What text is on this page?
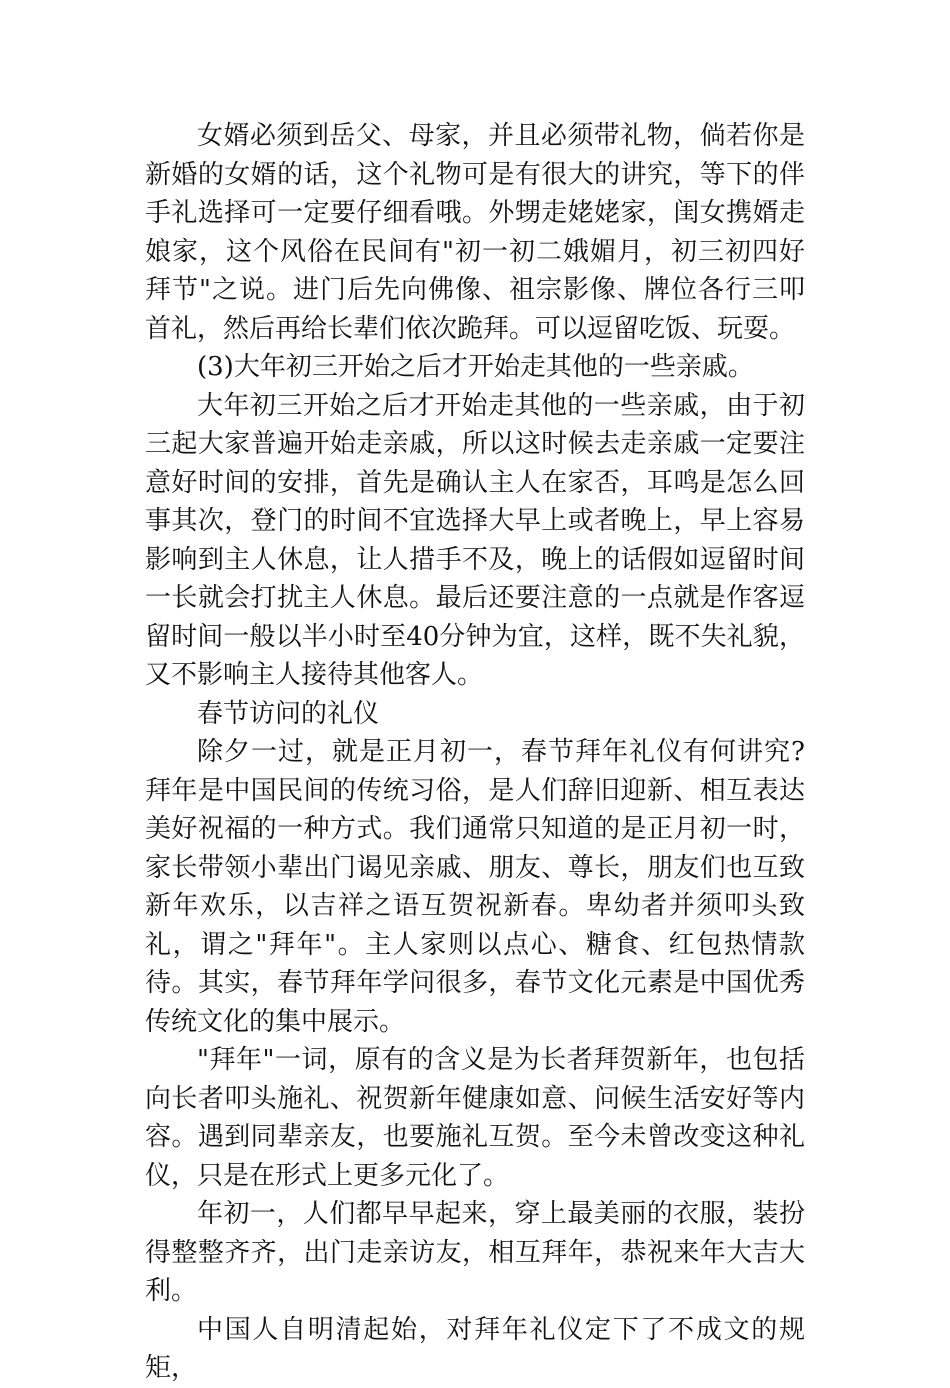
女婿必须到岳父、母家，并且必须带礼物，倘若你是新婚的女婿的话，这个礼物可是有很大的讲究，等下的伴手礼选择可一定要仔细看哦。外甥走姥姥家，闺女携婿走娘家，这个风俗在民间有"初一初二娥媚月，初三初四好拜节"之说。进门后先向佛像、祖宗影像、牌位各行三叩首礼，然后再给长辈们依次跪拜。可以逗留吃饭、玩耍。

(3)大年初三开始之后才开始走其他的一些亲戚。

大年初三开始之后才开始走其他的一些亲戚，由于初三起大家普遍开始走亲戚，所以这时候去走亲戚一定要注意好时间的安排，首先是确认主人在家否，耳鸣是怎么回事其次，登门的时间不宜选择大早上或者晚上，早上容易影响到主人休息，让人措手不及，晚上的话假如逗留时间一长就会打扰主人休息。最后还要注意的一点就是作客逗留时间一般以半小时至40分钟为宜，这样，既不失礼貌，又不影响主人接待其他客人。

春节访问的礼仪

除夕一过，就是正月初一，春节拜年礼仪有何讲究?拜年是中国民间的传统习俗，是人们辞旧迎新、相互表达美好祝福的一种方式。我们通常只知道的是正月初一时，家长带领小辈出门谒见亲戚、朋友、尊长，朋友们也互致新年欢乐，以吉祥之语互贺祝新春。卑幼者并须叩头致礼，谓之"拜年"。主人家则以点心、糖食、红包热情款待。其实，春节拜年学问很多，春节文化元素是中国优秀传统文化的集中展示。

"拜年"一词，原有的含义是为长者拜贺新年，也包括向长者叩头施礼、祝贺新年健康如意、问候生活安好等内容。遇到同辈亲友，也要施礼互贺。至今未曾改变这种礼仪，只是在形式上更多元化了。

年初一，人们都早早起来，穿上最美丽的衣服，装扮得整整齐齐，出门走亲访友，相互拜年，恭祝来年大吉大利。

中国人自明清起始，对拜年礼仪定下了不成文的规矩，
